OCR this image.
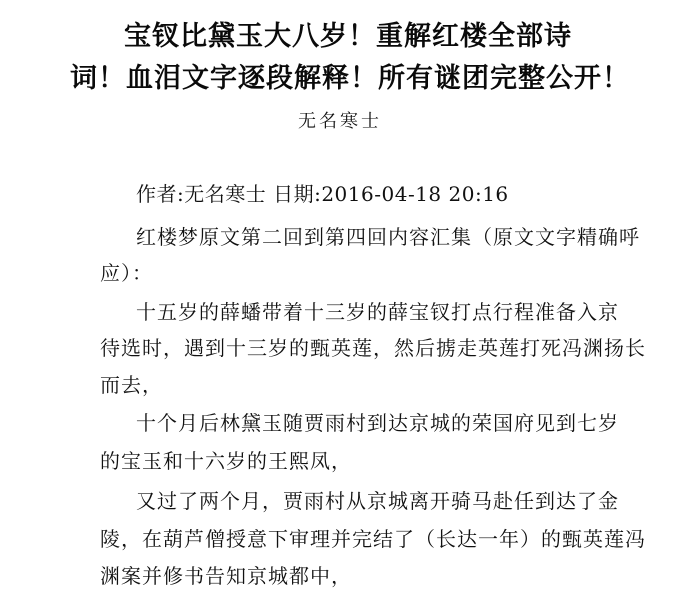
宝钗比黛玉大八岁！重解红楼全部诗
词！血泪文字逐段解释！所有谜团完整公开！
无名寒士
作者:无名寒士 日期:2016-04-18 20:16
红楼梦原文第二回到第四回内容汇集（原文文字精确呼
应）：
十五岁的薛蟠带着十三岁的薛宝钗打点行程准备入京
待选时，遇到十三岁的甄英莲，然后掳走英莲打死冯渊扬长
而去，
十个月后林黛玉随贾雨村到达京城的荣国府见到七岁
的宝玉和十六岁的王熙凤，
又过了两个月，贾雨村从京城离开骑马赴任到达了金
陵，在葫芦僧授意下审理并完结了（长达一年）的甄英莲冯
渊案并修书告知京城都中，
